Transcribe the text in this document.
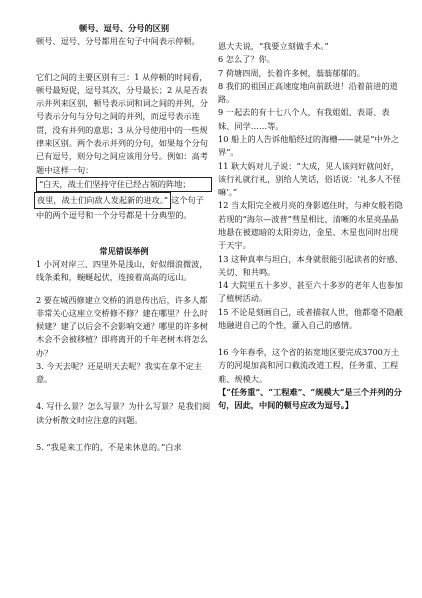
顿号、逗号、分号的区别

顿号、逗号、分号都用在句子中间表示停顿。

它们之间的主要区别有三：1 从停顿的时间看，顿号最短促，逗号其次，分号最长；2 从是否表示并列来区别，顿号表示词和词之间的并列，分号表示分句与分句之间的并列，而逗号表示连贯，没有并列的意思；3 从分号使用中的一些规律来区别。两个表示并列的分句，如果每个分句已有逗号，则分句之间应该用分号。例如：高考题中这样一句：

“白天，战士们坚持守住已经占领的阵地；

夜里，战士们向敌人发起新的进攻。” 这个句子中的两个逗号和一个分号都是十分典型的。

常见错误举例

1 小河对岸三、四里外是浅山，好似细浪微波，线条柔和，蜿蜒起伏，连接着高高的远山。

2 要在城西修建立交桥的消息传出后，许多人都非常关心这座立交桥修不修？建在哪里？什么时候建？建了以后会不会影响交通？哪里的许多树木会不会被移植？即将离开的千年老树木将怎么办？

3. 今天去呢？还是明天去呢？我实在拿不定主意。

4. 写什么景？怎么写景？为什么写景？是我们阅读分析散文时应注意的问题。

5. “我是来工作的，不是来休息的。”白求

恩大夫说，“我要立刻做手术。”

6 怎么了？你。

7 荷塘四周，长着许多树，蓊蓊郁郁的。

8 我们的祖国正高速度地向前跃进！沿着前进的道路。

9 一起去的有十七八个人，有我姐姐、表哥、表妹、同学……等。

10 船上的人告诉他船经过的海槽——就是“中外之界”。

11 耿大妈对儿子说：“大成，见人该问好就问好，该行礼就行礼，别给人笑话，俗话说：‘礼多人不怪嘛’。”

12 当太阳完全被月亮的身影遮住时，与神女般若隐若现的“海尔—波普”彗星相比，清晰的水星亮晶晶地悬在被遮暗的太阳旁边，金星、木星也同时出现于天宇。

13 这种真率与坦白，本身就很能引起读者的好感、关切、和共鸣。

14 大院里五十多岁、甚至六十多岁的老年人也参加了植树活动。

15 不论是刻画自己，或者描叙人世，他都毫不隐蔽地融进自己的个性，灌入自己的感情。

16 今年春季，这个省的拓宽地区要完成3700万土方的河堤加高和河口截流改道工程，任务重、工程难、规模大。

【“任务重”、“工程难”、“规模大”是三个并列的分句，因此，中间的顿号应改为逗号。】
